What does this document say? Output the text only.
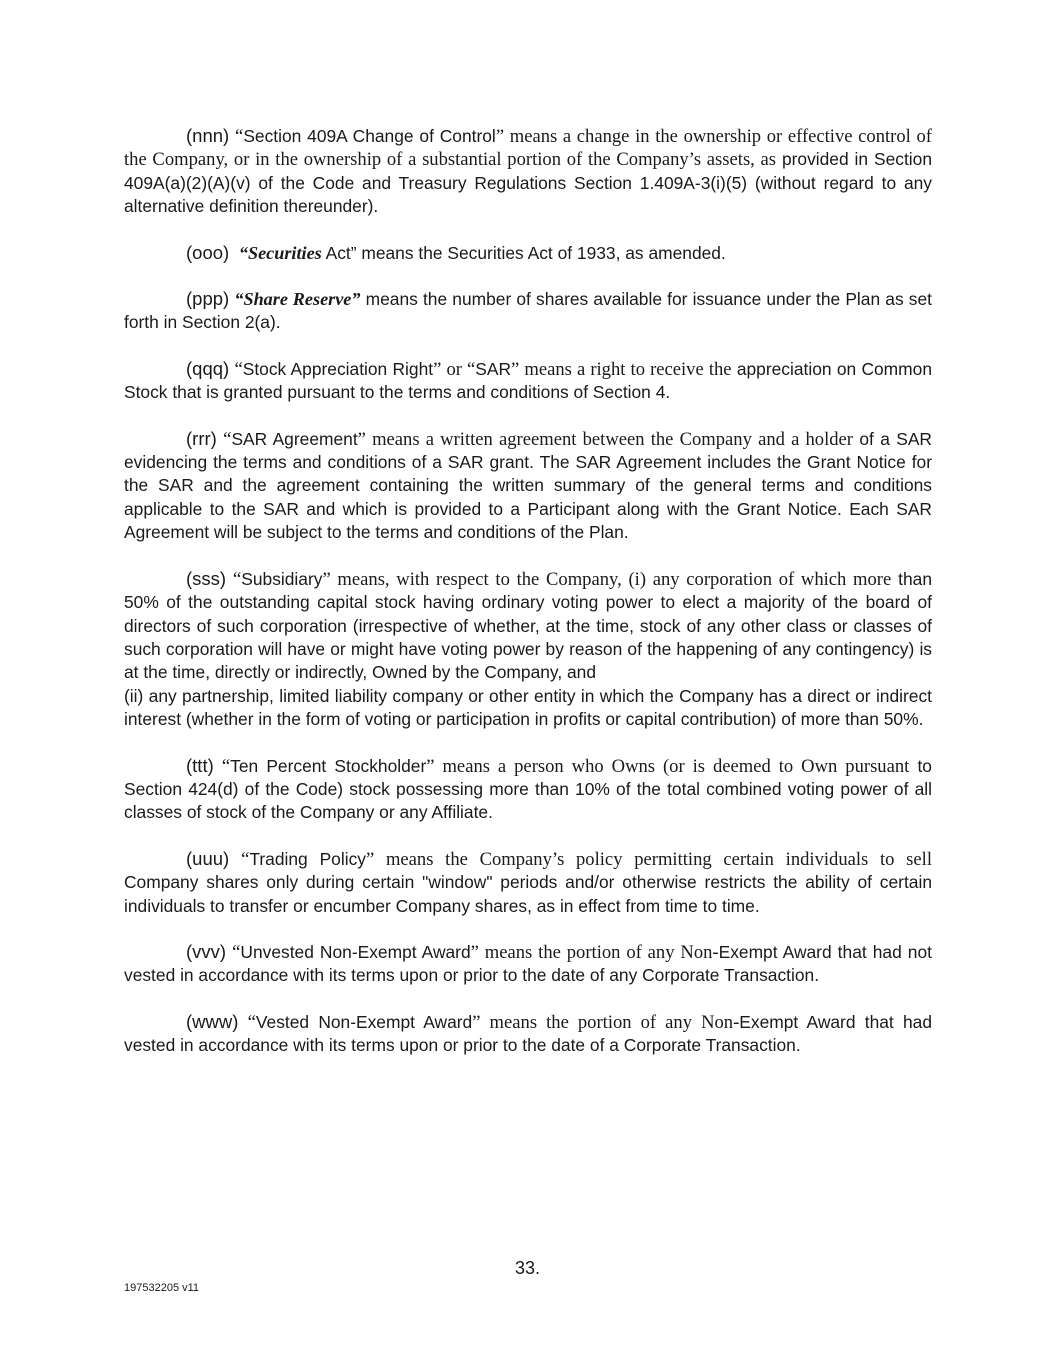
(nnn) “Section 409A Change of Control” means a change in the ownership or effective control of the Company, or in the ownership of a substantial portion of the Company’s assets, as provided in Section 409A(a)(2)(A)(v) of the Code and Treasury Regulations Section 1.409A-3(i)(5) (without regard to any alternative definition thereunder).

(ooo) “Securities Act” means the Securities Act of 1933, as amended.

(ppp) “Share Reserve” means the number of shares available for issuance under the Plan as set forth in Section 2(a).

(qqq) “Stock Appreciation Right” or “SAR” means a right to receive the appreciation on Common Stock that is granted pursuant to the terms and conditions of Section 4.

(rrr) “SAR Agreement” means a written agreement between the Company and a holder of a SAR evidencing the terms and conditions of a SAR grant. The SAR Agreement includes the Grant Notice for the SAR and the agreement containing the written summary of the general terms and conditions applicable to the SAR and which is provided to a Participant along with the Grant Notice. Each SAR Agreement will be subject to the terms and conditions of the Plan.

(sss) “Subsidiary” means, with respect to the Company, (i) any corporation of which more than 50% of the outstanding capital stock having ordinary voting power to elect a majority of the board of directors of such corporation (irrespective of whether, at the time, stock of any other class or classes of such corporation will have or might have voting power by reason of the happening of any contingency) is at the time, directly or indirectly, Owned by the Company, and
(ii) any partnership, limited liability company or other entity in which the Company has a direct or indirect interest (whether in the form of voting or participation in profits or capital contribution) of more than 50%.

(ttt) “Ten Percent Stockholder” means a person who Owns (or is deemed to Own pursuant to Section 424(d) of the Code) stock possessing more than 10% of the total combined voting power of all classes of stock of the Company or any Affiliate.

(uuu) “Trading Policy” means the Company’s policy permitting certain individuals to sell Company shares only during certain "window" periods and/or otherwise restricts the ability of certain individuals to transfer or encumber Company shares, as in effect from time to time.

(vvv) “Unvested Non-Exempt Award” means the portion of any Non-Exempt Award that had not vested in accordance with its terms upon or prior to the date of any Corporate Transaction.

(www) “Vested Non-Exempt Award” means the portion of any Non-Exempt Award that had vested in accordance with its terms upon or prior to the date of a Corporate Transaction.

33.
197532205 v11
